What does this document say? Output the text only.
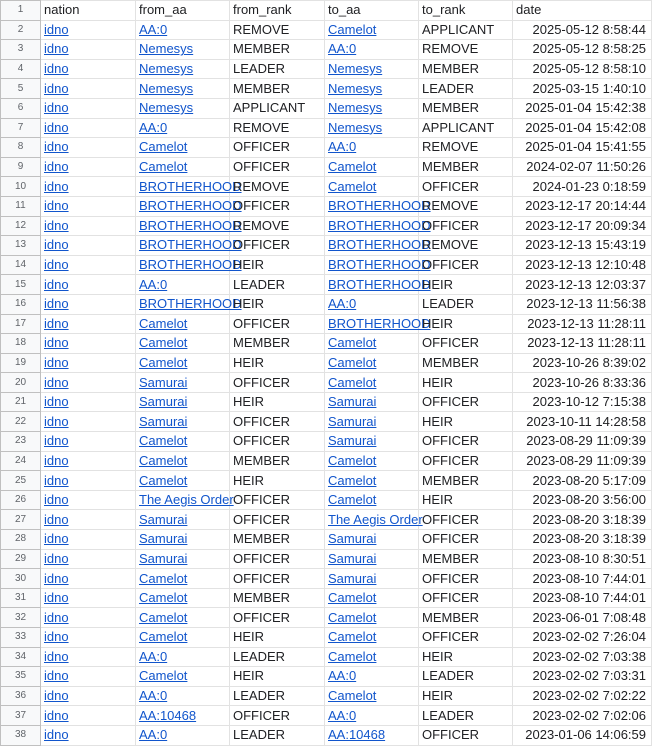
1	nation	from_aa	from_rank	to_aa	to_rank	date
2	idno	AA:0	REMOVE	Camelot	APPLICANT	2025-05-12 8:58:44
3	idno	Nemesys	MEMBER	AA:0	REMOVE	2025-05-12 8:58:25
4	idno	Nemesys	LEADER	Nemesys	MEMBER	2025-05-12 8:58:10
5	idno	Nemesys	MEMBER	Nemesys	LEADER	2025-03-15 1:40:10
6	idno	Nemesys	APPLICANT	Nemesys	MEMBER	2025-01-04 15:42:38
7	idno	AA:0	REMOVE	Nemesys	APPLICANT	2025-01-04 15:42:08
8	idno	Camelot	OFFICER	AA:0	REMOVE	2025-01-04 15:41:55
9	idno	Camelot	OFFICER	Camelot	MEMBER	2024-02-07 11:50:26
10	idno	BROTHERHOOD	REMOVE	Camelot	OFFICER	2024-01-23 0:18:59
11	idno	BROTHERHOOD	OFFICER	BROTHERHOOD	REMOVE	2023-12-17 20:14:44
12	idno	BROTHERHOOD	REMOVE	BROTHERHOOD	OFFICER	2023-12-17 20:09:34
13	idno	BROTHERHOOD	OFFICER	BROTHERHOOD	REMOVE	2023-12-13 15:43:19
14	idno	BROTHERHOOD	HEIR	BROTHERHOOD	OFFICER	2023-12-13 12:10:48
15	idno	AA:0	LEADER	BROTHERHOOD	HEIR	2023-12-13 12:03:37
16	idno	BROTHERHOOD	HEIR	AA:0	LEADER	2023-12-13 11:56:38
17	idno	Camelot	OFFICER	BROTHERHOOD	HEIR	2023-12-13 11:28:11
18	idno	Camelot	MEMBER	Camelot	OFFICER	2023-12-13 11:28:11
19	idno	Camelot	HEIR	Camelot	MEMBER	2023-10-26 8:39:02
20	idno	Samurai	OFFICER	Camelot	HEIR	2023-10-26 8:33:36
21	idno	Samurai	HEIR	Samurai	OFFICER	2023-10-12 7:15:38
22	idno	Samurai	OFFICER	Samurai	HEIR	2023-10-11 14:28:58
23	idno	Camelot	OFFICER	Samurai	OFFICER	2023-08-29 11:09:39
24	idno	Camelot	MEMBER	Camelot	OFFICER	2023-08-29 11:09:39
25	idno	Camelot	HEIR	Camelot	MEMBER	2023-08-20 5:17:09
26	idno	The Aegis Order	OFFICER	Camelot	HEIR	2023-08-20 3:56:00
27	idno	Samurai	OFFICER	The Aegis Order	OFFICER	2023-08-20 3:18:39
28	idno	Samurai	MEMBER	Samurai	OFFICER	2023-08-20 3:18:39
29	idno	Samurai	OFFICER	Samurai	MEMBER	2023-08-10 8:30:51
30	idno	Camelot	OFFICER	Samurai	OFFICER	2023-08-10 7:44:01
31	idno	Camelot	MEMBER	Camelot	OFFICER	2023-08-10 7:44:01
32	idno	Camelot	OFFICER	Camelot	MEMBER	2023-06-01 7:08:48
33	idno	Camelot	HEIR	Camelot	OFFICER	2023-02-02 7:26:04
34	idno	AA:0	LEADER	Camelot	HEIR	2023-02-02 7:03:38
35	idno	Camelot	HEIR	AA:0	LEADER	2023-02-02 7:03:31
36	idno	AA:0	LEADER	Camelot	HEIR	2023-02-02 7:02:22
37	idno	AA:10468	OFFICER	AA:0	LEADER	2023-02-02 7:02:06
38	idno	AA:0	LEADER	AA:10468	OFFICER	2023-01-06 14:06:59
